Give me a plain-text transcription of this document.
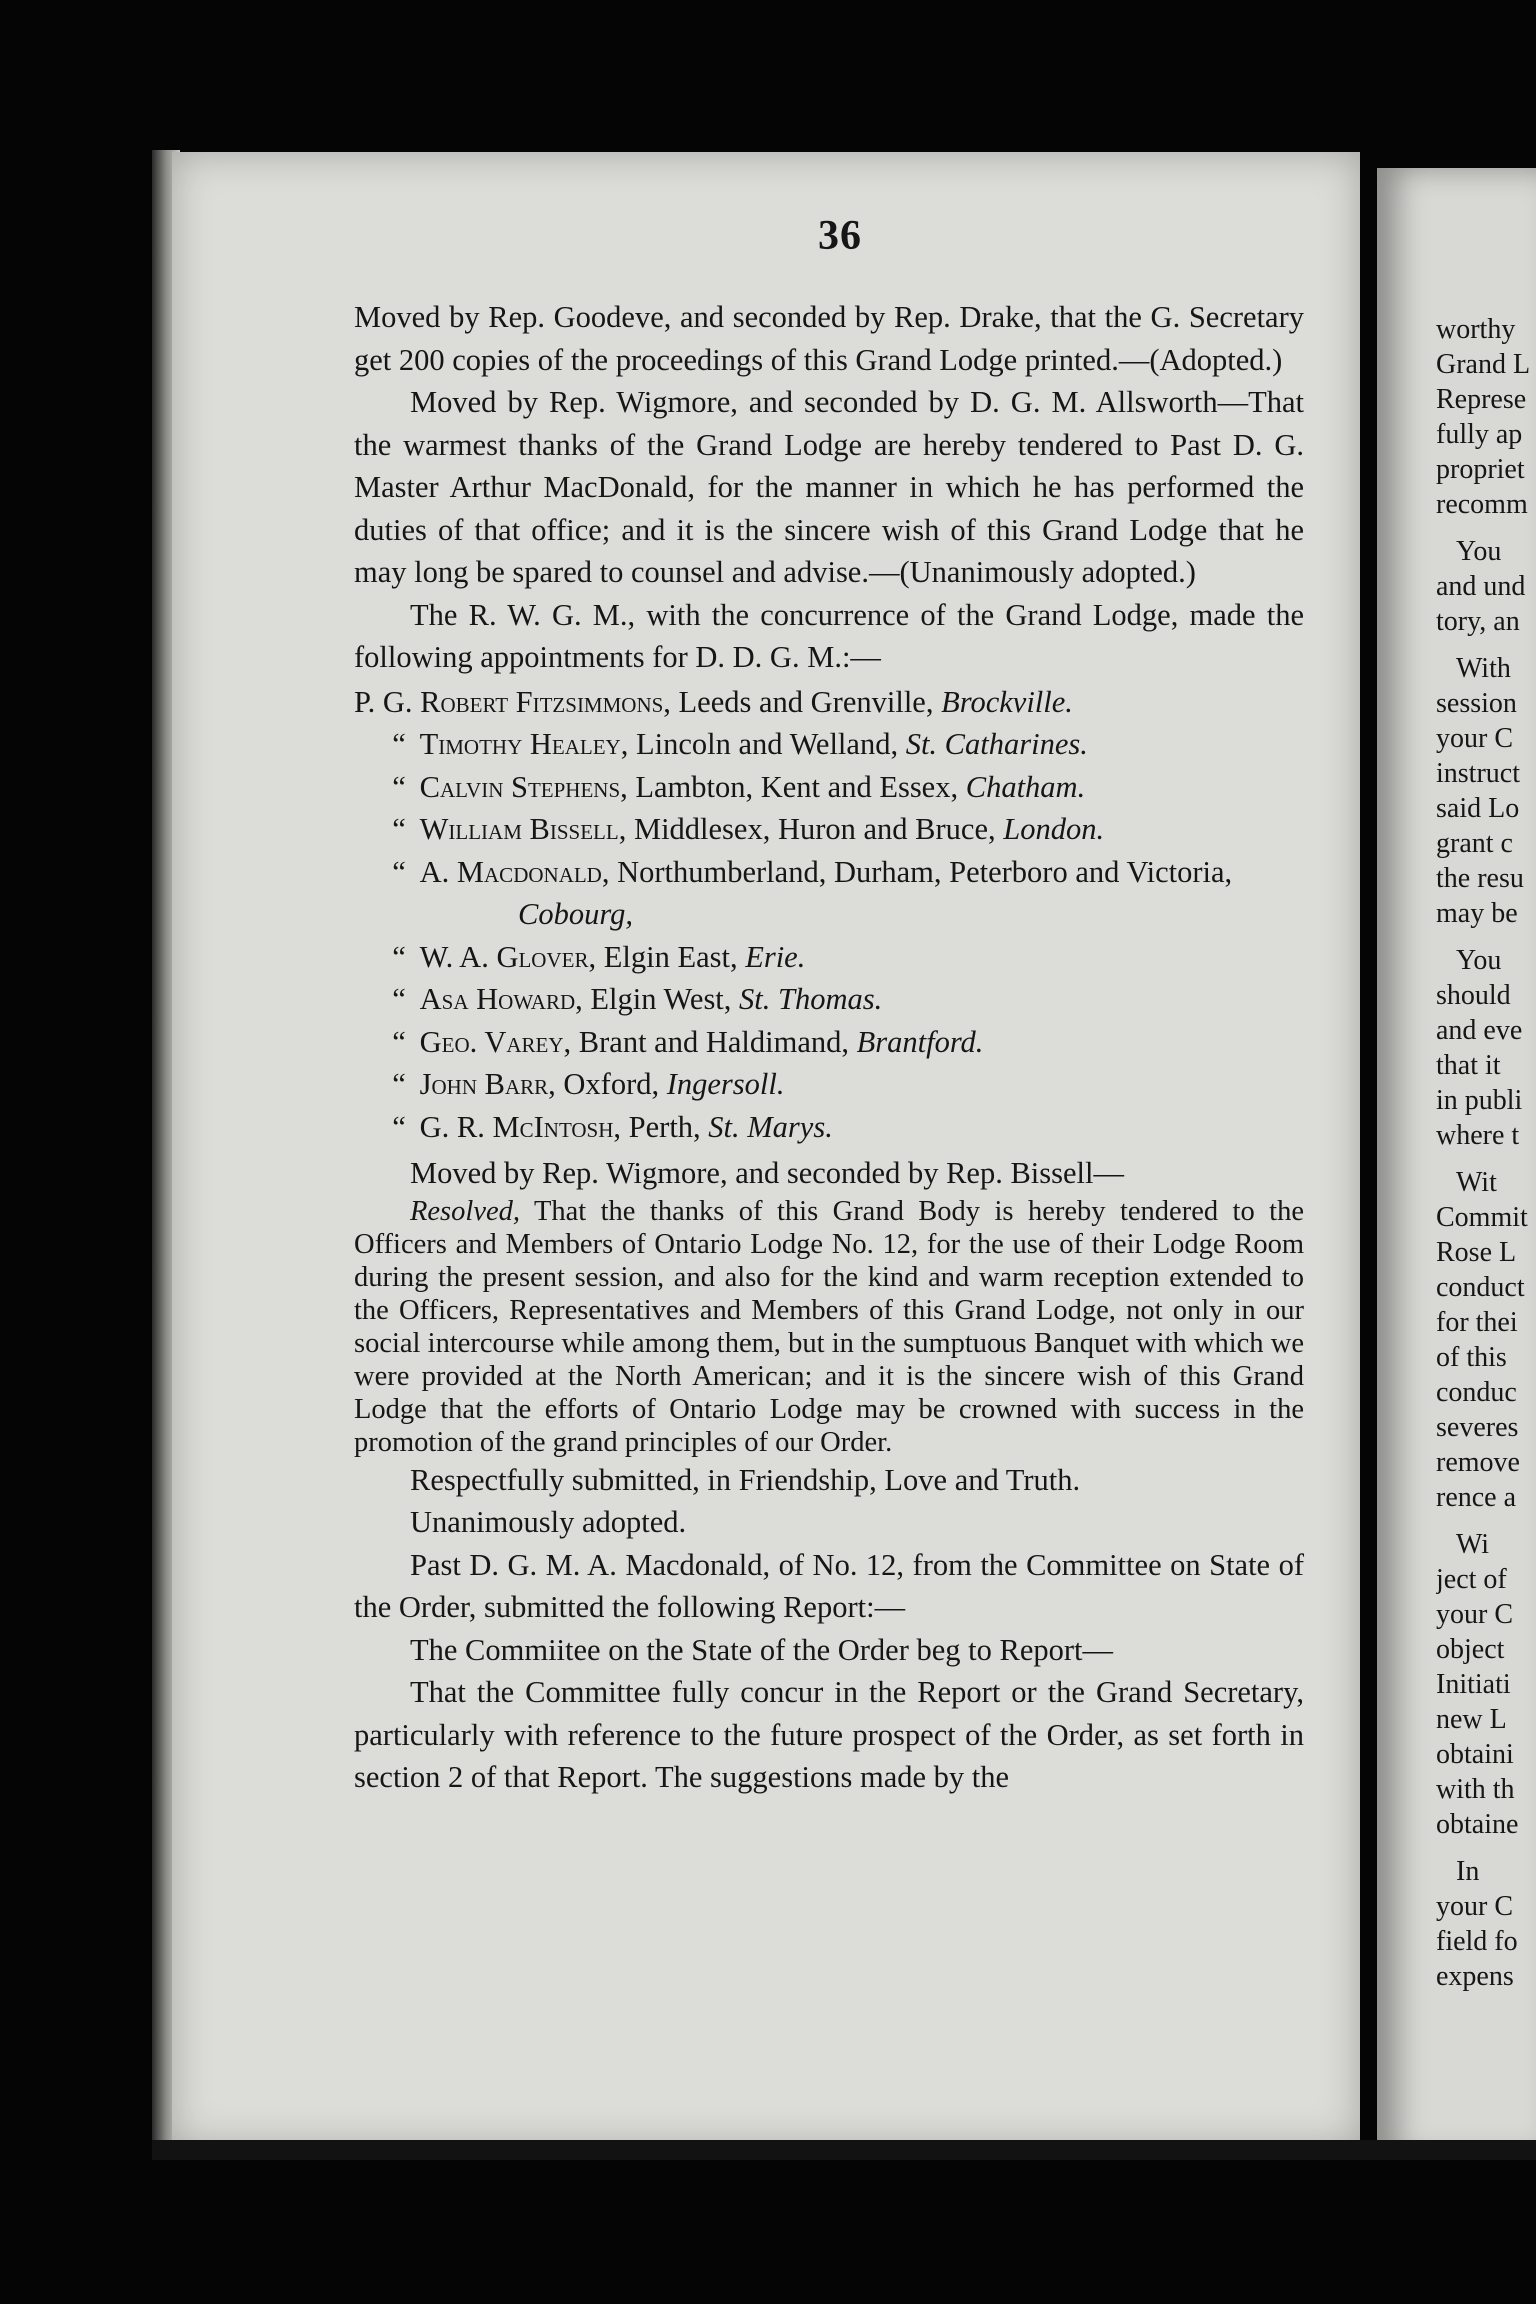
36

Moved by Rep. Goodeve, and seconded by Rep. Drake, that the G. Secretary get 200 copies of the proceedings of this Grand Lodge printed.—(Adopted.)

Moved by Rep. Wigmore, and seconded by D. G. M. Allsworth—That the warmest thanks of the Grand Lodge are hereby tendered to Past D. G. Master Arthur MacDonald, for the manner in which he has performed the duties of that office; and it is the sincere wish of this Grand Lodge that he may long be spared to counsel and advise.—(Unanimously adopted.)

The R. W. G. M., with the concurrence of the Grand Lodge, made the following appointments for D. D. G. M.:—

P. G. Robert Fitzsimmons, Leeds and Grenville, Brockville.
“ Timothy Healey, Lincoln and Welland, St. Catharines.
“ Calvin Stephens, Lambton, Kent and Essex, Chatham.
“ William Bissell, Middlesex, Huron and Bruce, London.
“ A. Macdonald, Northumberland, Durham, Peterboro and Victoria,
Cobourg,
“ W. A. Glover, Elgin East, Erie.
“ Asa Howard, Elgin West, St. Thomas.
“ Geo. Varey, Brant and Haldimand, Brantford.
“ John Barr, Oxford, Ingersoll.
“ G. R. McIntosh, Perth, St. Marys.

Moved by Rep. Wigmore, and seconded by Rep. Bissell—

Resolved, That the thanks of this Grand Body is hereby tendered to the Officers and Members of Ontario Lodge No. 12, for the use of their Lodge Room during the present session, and also for the kind and warm reception extended to the Officers, Representatives and Members of this Grand Lodge, not only in our social intercourse while among them, but in the sumptuous Banquet with which we were provided at the North American; and it is the sincere wish of this Grand Lodge that the efforts of Ontario Lodge may be crowned with success in the promotion of the grand principles of our Order.

Respectfully submitted, in Friendship, Love and Truth.

Unanimously adopted.

Past D. G. M. A. Macdonald, of No. 12, from the Committee on State of the Order, submitted the following Report:—

The Commiitee on the State of the Order beg to Report—

That the Committee fully concur in the Report or the Grand Secretary, particularly with reference to the future prospect of the Order, as set forth in section 2 of that Report. The suggestions made by the

worthy
Grand L
Represe
fully ap
propriet
recomm
You
and und
tory, an
With
session
your C
instruct
said Lo
grant c
the resu
may be
You
should
and eve
that it
in publi
where t
Wit
Commit
Rose L
conduct
for thei
of this
conduc
severes
remove
rence a
Wi
ject of
your C
object
Initiati
new L
obtaini
with th
obtaine
In
your C
field fo
expens
